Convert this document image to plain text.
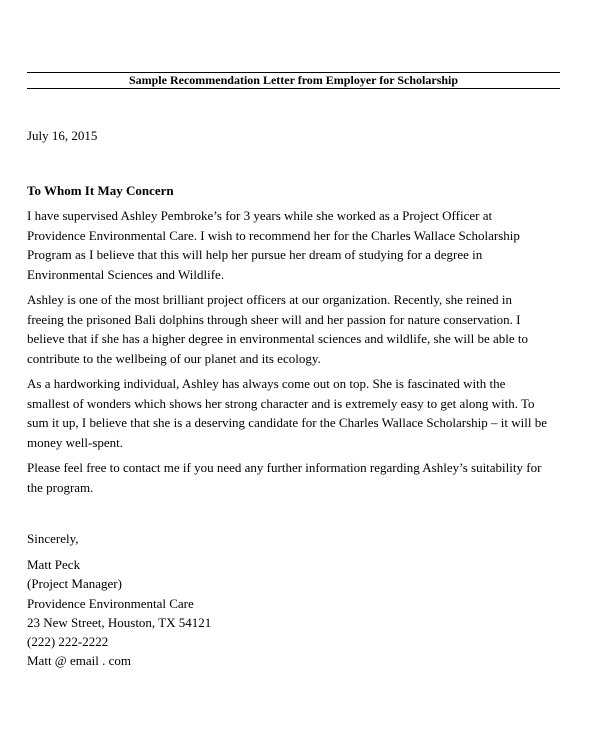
Sample Recommendation Letter from Employer for Scholarship
July 16, 2015
To Whom It May Concern
I have supervised Ashley Pembroke’s for 3 years while she worked as a Project Officer at
Providence Environmental Care. I wish to recommend her for the Charles Wallace Scholarship
Program as I believe that this will help her pursue her dream of studying for a degree in
Environmental Sciences and Wildlife.
Ashley is one of the most brilliant project officers at our organization. Recently, she reined in
freeing the prisoned Bali dolphins through sheer will and her passion for nature conservation. I
believe that if she has a higher degree in environmental sciences and wildlife, she will be able to
contribute to the wellbeing of our planet and its ecology.
As a hardworking individual, Ashley has always come out on top. She is fascinated with the
smallest of wonders which shows her strong character and is extremely easy to get along with. To
sum it up, I believe that she is a deserving candidate for the Charles Wallace Scholarship – it will be
money well-spent.
Please feel free to contact me if you need any further information regarding Ashley’s suitability for
the program.
Sincerely,
Matt Peck
(Project Manager)
Providence Environmental Care
23 New Street, Houston, TX 54121
(222) 222-2222
Matt @ email . com
